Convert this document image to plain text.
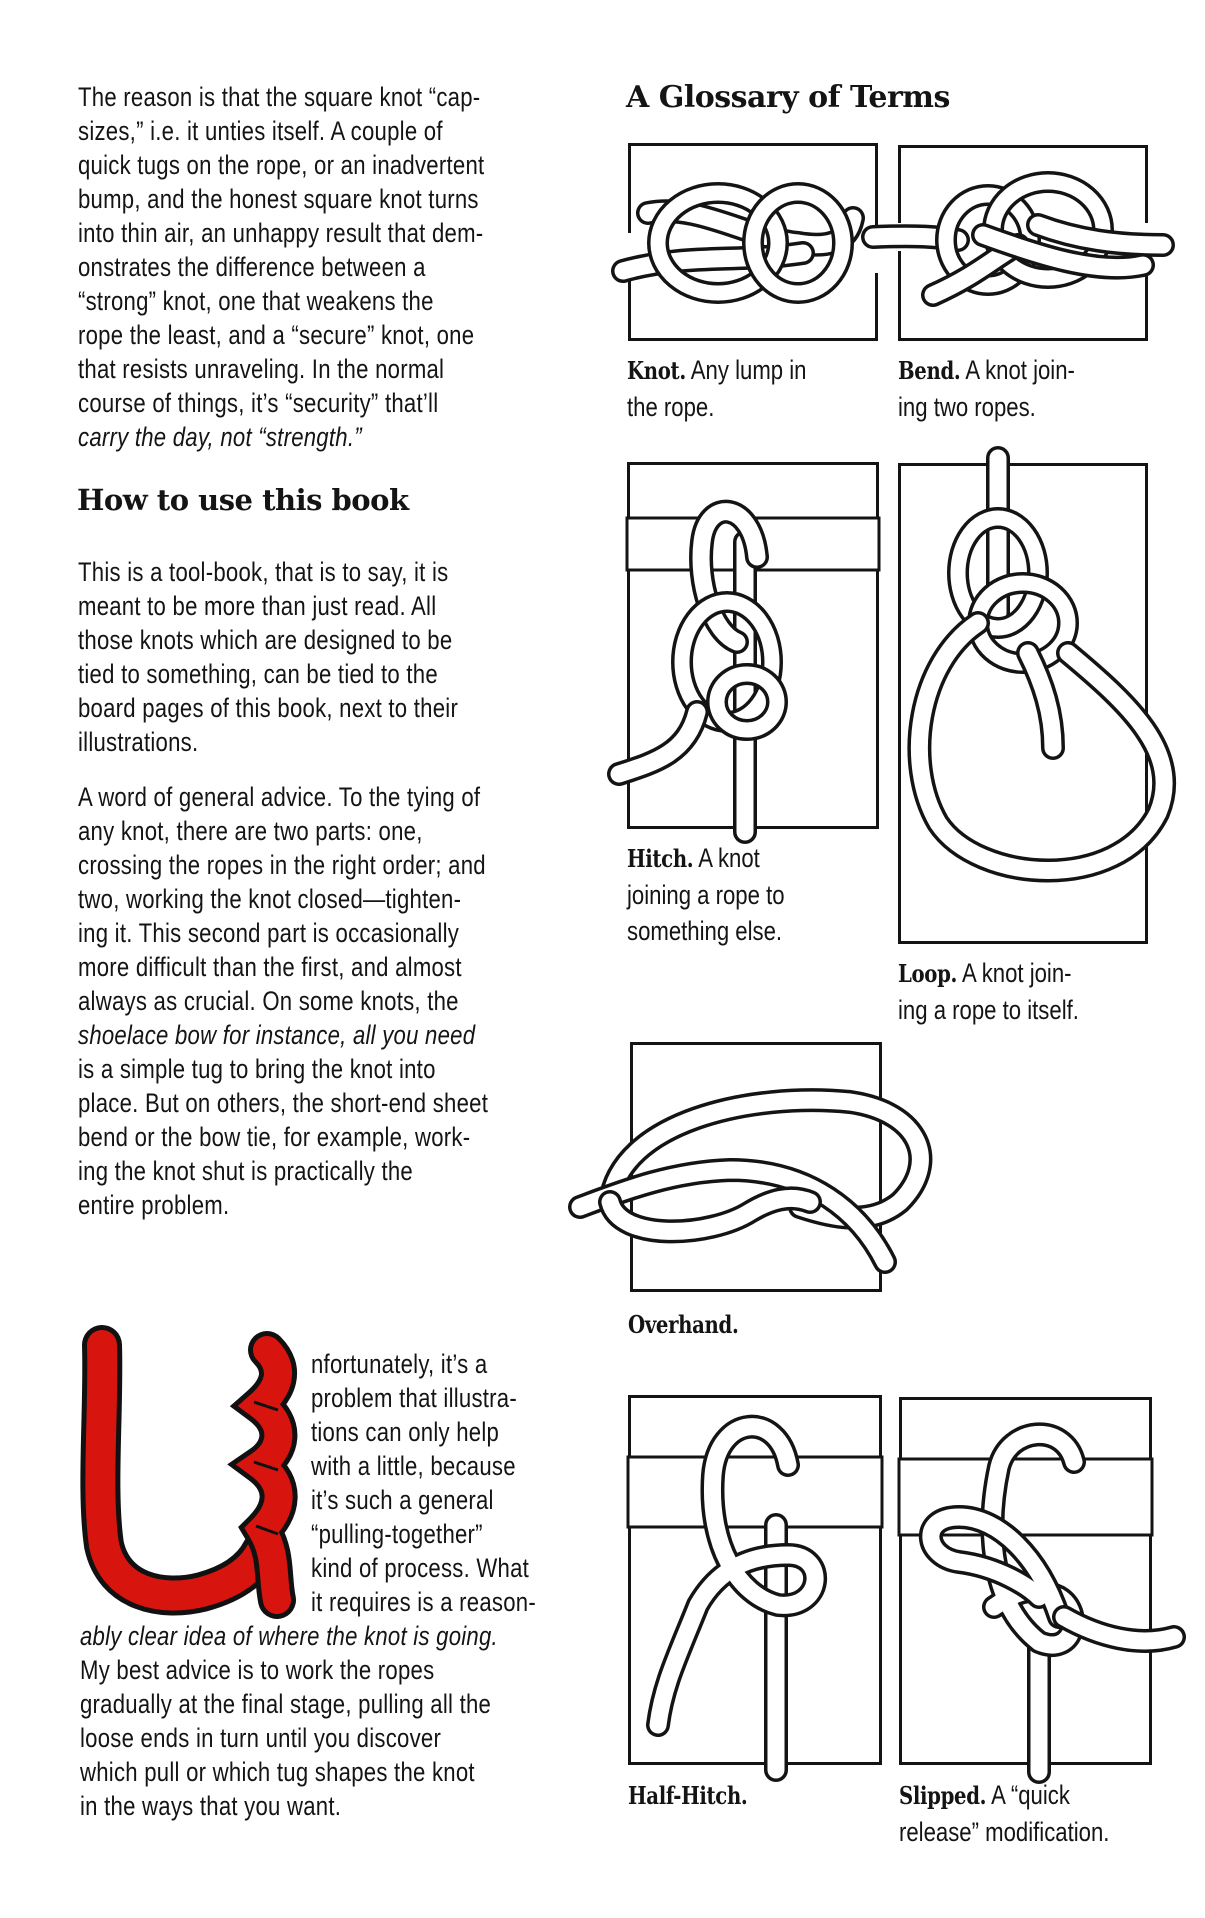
The reason is that the square knot “cap-
sizes,” i.e. it unties itself. A couple of
quick tugs on the rope, or an inadvertent
bump, and the honest square knot turns
into thin air, an unhappy result that dem-
onstrates the difference between a
“strong” knot, one that weakens the
rope the least, and a “secure” knot, one
that resists unraveling. In the normal
course of things, it’s “security” that’ll
carry the day, not “strength.”
How to use this book
This is a tool-book, that is to say, it is
meant to be more than just read. All
those knots which are designed to be
tied to something, can be tied to the
board pages of this book, next to their
illustrations.
A word of general advice. To the tying of
any knot, there are two parts: one,
crossing the ropes in the right order; and
two, working the knot closed—tighten-
ing it. This second part is occasionally
more difficult than the first, and almost
always as crucial. On some knots, the
shoelace bow for instance, all you need
is a simple tug to bring the knot into
place. But on others, the short-end sheet
bend or the bow tie, for example, work-
ing the knot shut is practically the
entire problem.
nfortunately, it’s a
problem that illustra-
tions can only help
with a little, because
it’s such a general
“pulling-together”
kind of process. What
it requires is a reason-
ably clear idea of where the knot is going.
My best advice is to work the ropes
gradually at the final stage, pulling all the
loose ends in turn until you discover
which pull or which tug shapes the knot
in the ways that you want.
A Glossary of Terms
Knot. Any lump in
the rope.
Bend. A knot join-
ing two ropes.
Hitch. A knot
joining a rope to
something else.
Loop. A knot join-
ing a rope to itself.
Overhand.
Half-Hitch.	Slipped. A “quick
release” modification.
